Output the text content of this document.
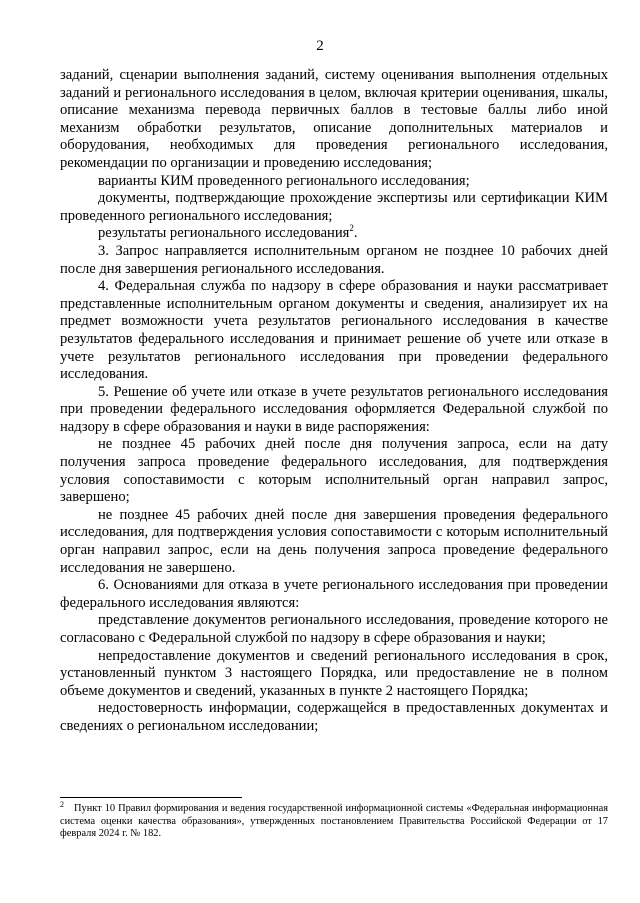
2

заданий, сценарии выполнения заданий, систему оценивания выполнения отдельных заданий и регионального исследования в целом, включая критерии оценивания, шкалы, описание механизма перевода первичных баллов в тестовые баллы либо иной механизм обработки результатов, описание дополнительных материалов и оборудования, необходимых для проведения регионального исследования, рекомендации по организации и проведению исследования;

варианты КИМ проведенного регионального исследования;

документы, подтверждающие прохождение экспертизы или сертификации КИМ проведенного регионального исследования;

результаты регионального исследования$^2$.

3. Запрос направляется исполнительным органом не позднее 10 рабочих дней после дня завершения регионального исследования.

4. Федеральная служба по надзору в сфере образования и науки рассматривает представленные исполнительным органом документы и сведения, анализирует их на предмет возможности учета результатов регионального исследования в качестве результатов федерального исследования и принимает решение об учете или отказе в учете результатов регионального исследования при проведении федерального исследования.

5. Решение об учете или отказе в учете результатов регионального исследования при проведении федерального исследования оформляется Федеральной службой по надзору в сфере образования и науки в виде распоряжения:

не позднее 45 рабочих дней после дня получения запроса, если на дату получения запроса проведение федерального исследования, для подтверждения условия сопоставимости с которым исполнительный орган направил запрос, завершено;

не позднее 45 рабочих дней после дня завершения проведения федерального исследования, для подтверждения условия сопоставимости с которым исполнительный орган направил запрос, если на день получения запроса проведение федерального исследования не завершено.

6. Основаниями для отказа в учете регионального исследования при проведении федерального исследования являются:

представление документов регионального исследования, проведение которого не согласовано с Федеральной службой по надзору в сфере образования и науки;

непредоставление документов и сведений регионального исследования в срок, установленный пунктом 3 настоящего Порядка, или предоставление не в полном объеме документов и сведений, указанных в пункте 2 настоящего Порядка;

недостоверность информации, содержащейся в предоставленных документах и сведениях о региональном исследовании;

$^2$ Пункт 10 Правил формирования и ведения государственной информационной системы «Федеральная информационная система оценки качества образования», утвержденных постановлением Правительства Российской Федерации от 17 февраля 2024 г. № 182.
